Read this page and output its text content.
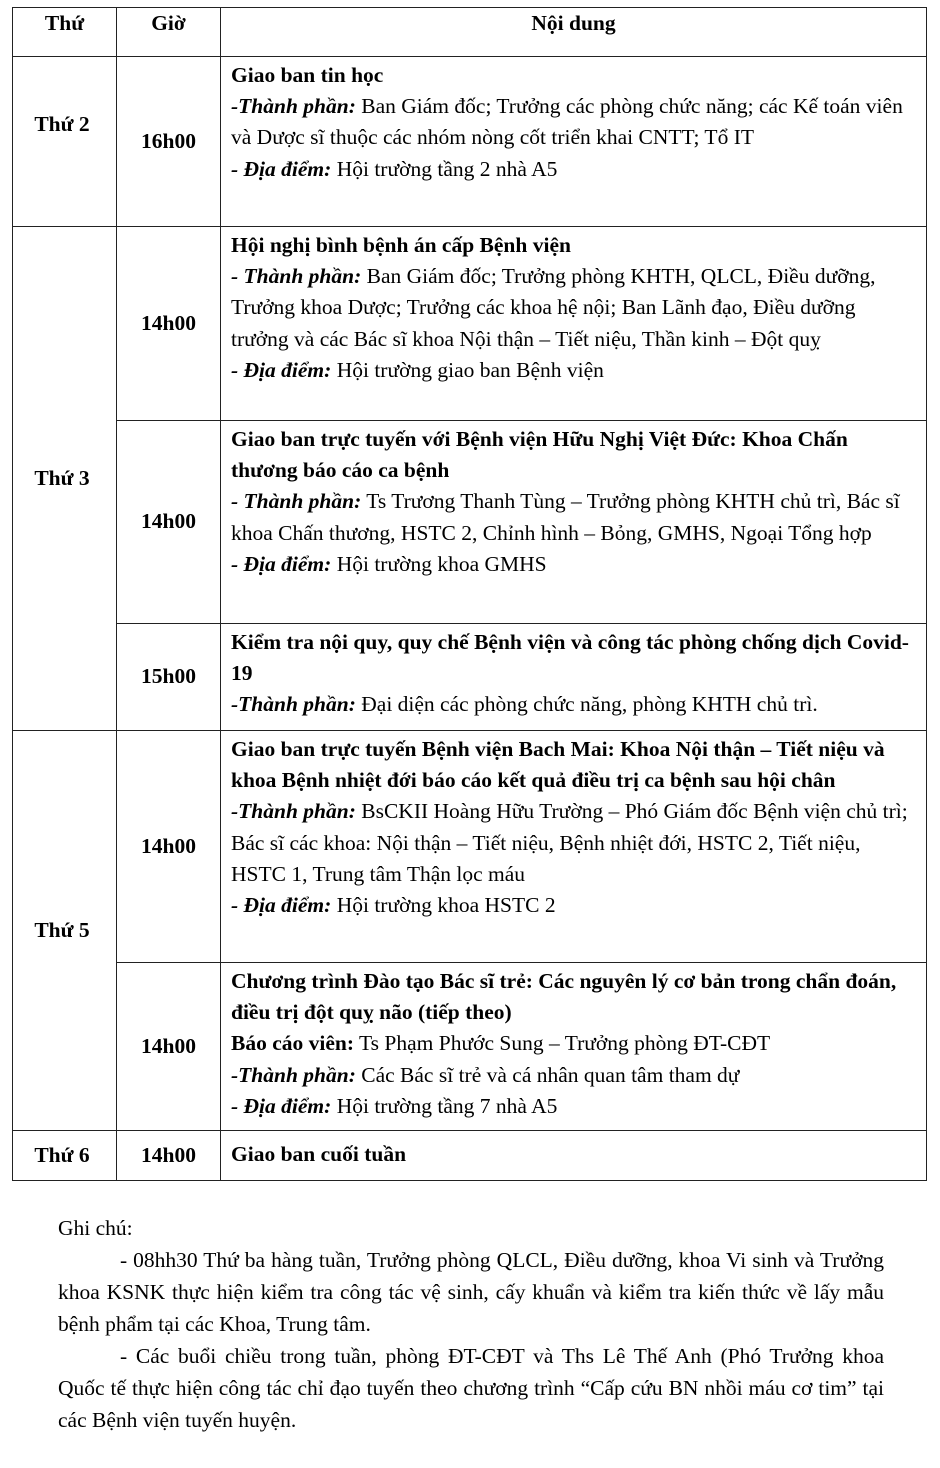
Thứ	Giờ	Nội dung
Thứ 2	16h00	Giao ban tin học
-Thành phần: Ban Giám đốc; Trưởng các phòng chức năng; các Kế toán viên và Dược sĩ thuộc các nhóm nòng cốt triển khai CNTT; Tổ IT
- Địa điểm: Hội trường tầng 2 nhà A5

Thứ 3	14h00	Hội nghị bình bệnh án cấp Bệnh viện
- Thành phần: Ban Giám đốc; Trưởng phòng KHTH, QLCL, Điều dưỡng, Trưởng khoa Dược; Trưởng các khoa hệ nội; Ban Lãnh đạo, Điều dưỡng trưởng và các Bác sĩ khoa Nội thận – Tiết niệu, Thần kinh – Đột quỵ
- Địa điểm: Hội trường giao ban Bệnh viện

	14h00	Giao ban trực tuyến với Bệnh viện Hữu Nghị Việt Đức: Khoa Chấn thương báo cáo ca bệnh
- Thành phần: Ts Trương Thanh Tùng – Trưởng phòng KHTH chủ trì, Bác sĩ khoa Chấn thương, HSTC 2, Chỉnh hình – Bỏng, GMHS, Ngoại Tổng hợp
- Địa điểm: Hội trường khoa GMHS

	15h00	Kiểm tra nội quy, quy chế Bệnh viện và công tác phòng chống dịch Covid-19
-Thành phần: Đại diện các phòng chức năng, phòng KHTH chủ trì.

Thứ 5	14h00	Giao ban trực tuyến Bệnh viện Bach Mai: Khoa Nội thận – Tiết niệu và khoa Bệnh nhiệt đới báo cáo kết quả điều trị ca bệnh sau hội chân
-Thành phần: BsCKII Hoàng Hữu Trường – Phó Giám đốc Bệnh viện chủ trì; Bác sĩ các khoa: Nội thận – Tiết niệu, Bệnh nhiệt đới, HSTC 2, Tiết niệu, HSTC 1, Trung tâm Thận lọc máu
- Địa điểm: Hội trường khoa HSTC 2

	14h00	Chương trình Đào tạo Bác sĩ trẻ: Các nguyên lý cơ bản trong chẩn đoán, điều trị đột quỵ não (tiếp theo)
Báo cáo viên: Ts Phạm Phước Sung – Trưởng phòng ĐT-CĐT
-Thành phần: Các Bác sĩ trẻ và cá nhân quan tâm tham dự
- Địa điểm: Hội trường tầng 7 nhà A5

Thứ 6	14h00	Giao ban cuối tuần

Ghi chú:

- 08hh30 Thứ ba hàng tuần, Trưởng phòng QLCL, Điều dưỡng, khoa Vi sinh và Trưởng khoa KSNK thực hiện kiểm tra công tác vệ sinh, cấy khuẩn và kiểm tra kiến thức về lấy mẫu bệnh phẩm tại các Khoa, Trung tâm.

- Các buổi chiều trong tuần, phòng ĐT-CĐT và Ths Lê Thế Anh (Phó Trưởng khoa Quốc tế thực hiện công tác chỉ đạo tuyến theo chương trình “Cấp cứu BN nhồi máu cơ tim” tại các Bệnh viện tuyến huyện.
